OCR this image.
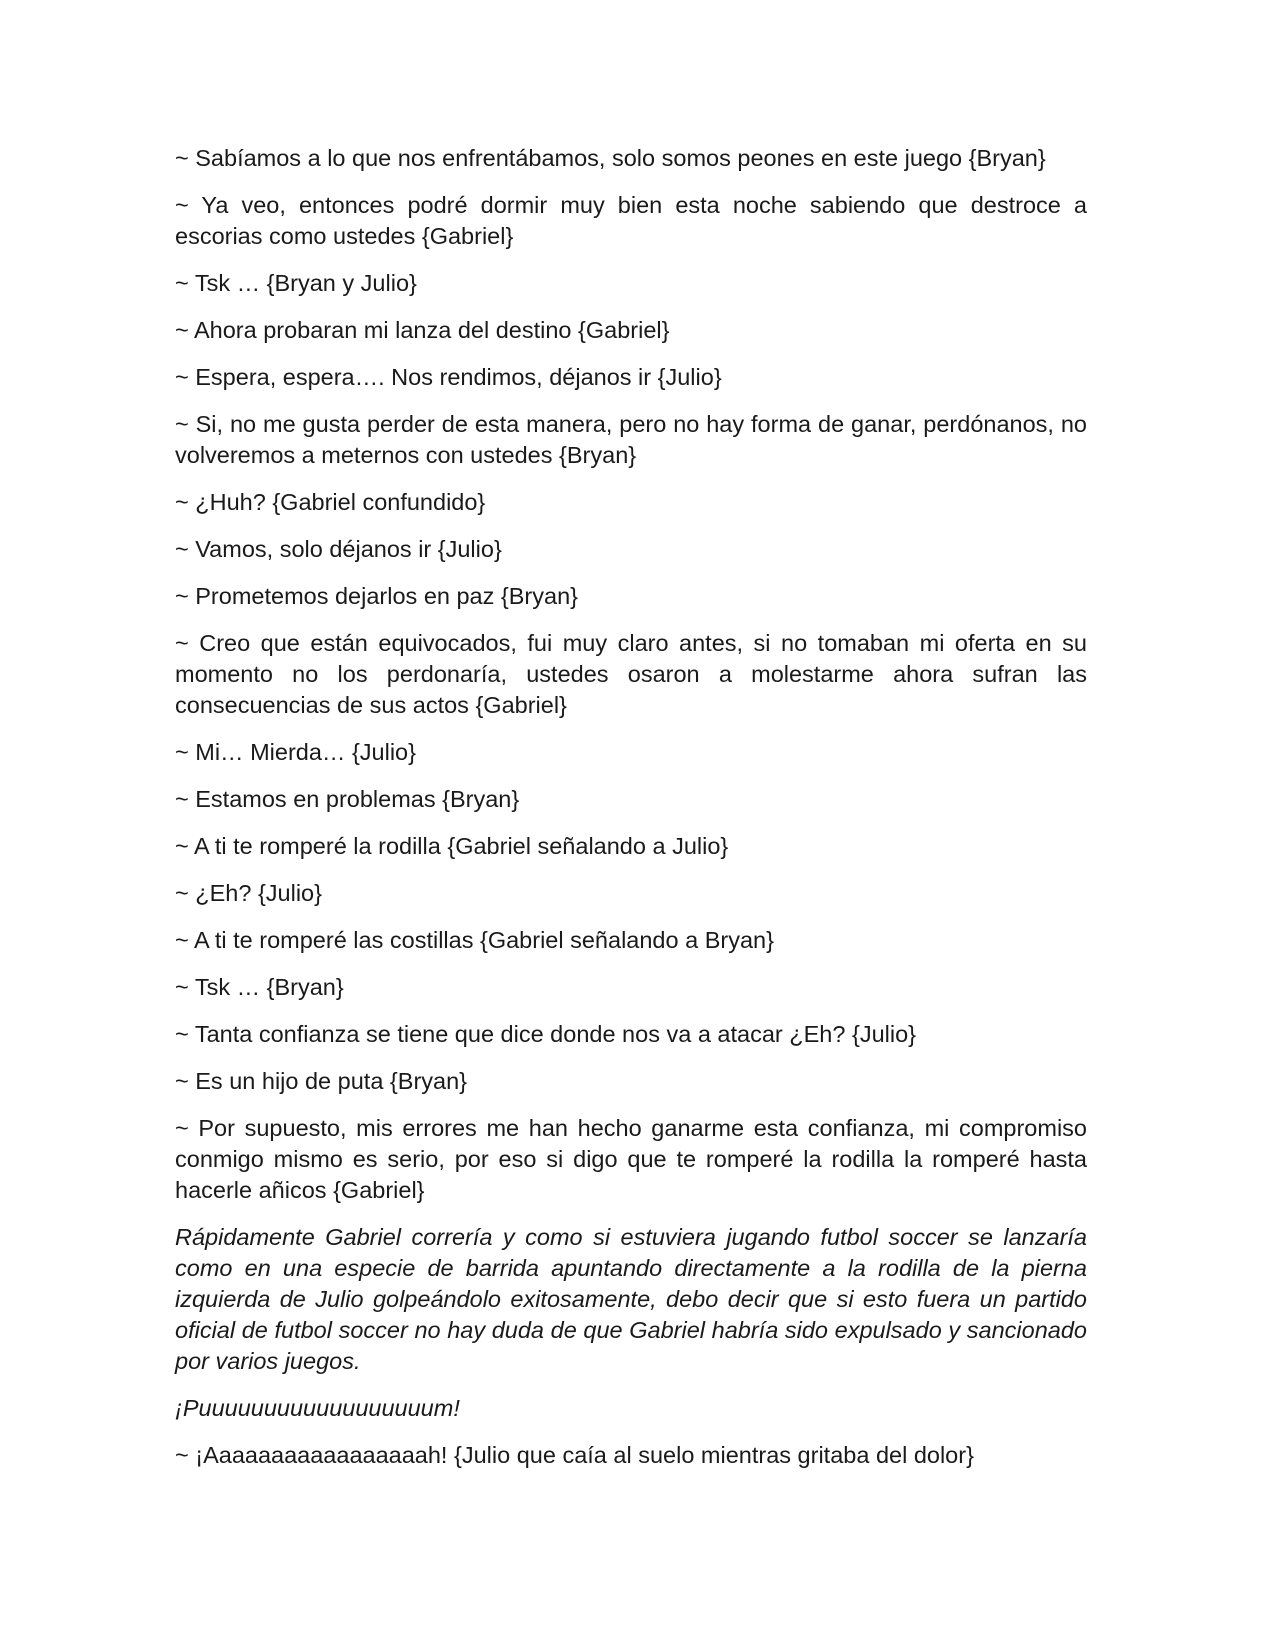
~ Sabíamos a lo que nos enfrentábamos, solo somos peones en este juego {Bryan}

~ Ya veo, entonces podré dormir muy bien esta noche sabiendo que destroce a escorias como ustedes {Gabriel}

~ Tsk … {Bryan y Julio}

~ Ahora probaran mi lanza del destino {Gabriel}

~ Espera, espera…. Nos rendimos, déjanos ir {Julio}

~ Si, no me gusta perder de esta manera, pero no hay forma de ganar, perdónanos, no volveremos a meternos con ustedes {Bryan}

~ ¿Huh? {Gabriel confundido}

~ Vamos, solo déjanos ir {Julio}

~ Prometemos dejarlos en paz {Bryan}

~ Creo que están equivocados, fui muy claro antes, si no tomaban mi oferta en su momento no los perdonaría, ustedes osaron a molestarme ahora sufran las consecuencias de sus actos {Gabriel}

~ Mi… Mierda… {Julio}

~ Estamos en problemas {Bryan}

~ A ti te romperé la rodilla {Gabriel señalando a Julio}

~ ¿Eh? {Julio}

~ A ti te romperé las costillas {Gabriel señalando a Bryan}

~ Tsk … {Bryan}

~ Tanta confianza se tiene que dice donde nos va a atacar ¿Eh? {Julio}

~ Es un hijo de puta {Bryan}

~ Por supuesto, mis errores me han hecho ganarme esta confianza, mi compromiso conmigo mismo es serio, por eso si digo que te romperé la rodilla la romperé hasta hacerle añicos {Gabriel}

Rápidamente Gabriel correría y como si estuviera jugando futbol soccer se lanzaría como en una especie de barrida apuntando directamente a la rodilla de la pierna izquierda de Julio golpeándolo exitosamente, debo decir que si esto fuera un partido oficial de futbol soccer no hay duda de que Gabriel habría sido expulsado y sancionado por varios juegos.

¡Puuuuuuuuuuuuuuuuuum!

~ ¡Aaaaaaaaaaaaaaaaah! {Julio que caía al suelo mientras gritaba del dolor}
